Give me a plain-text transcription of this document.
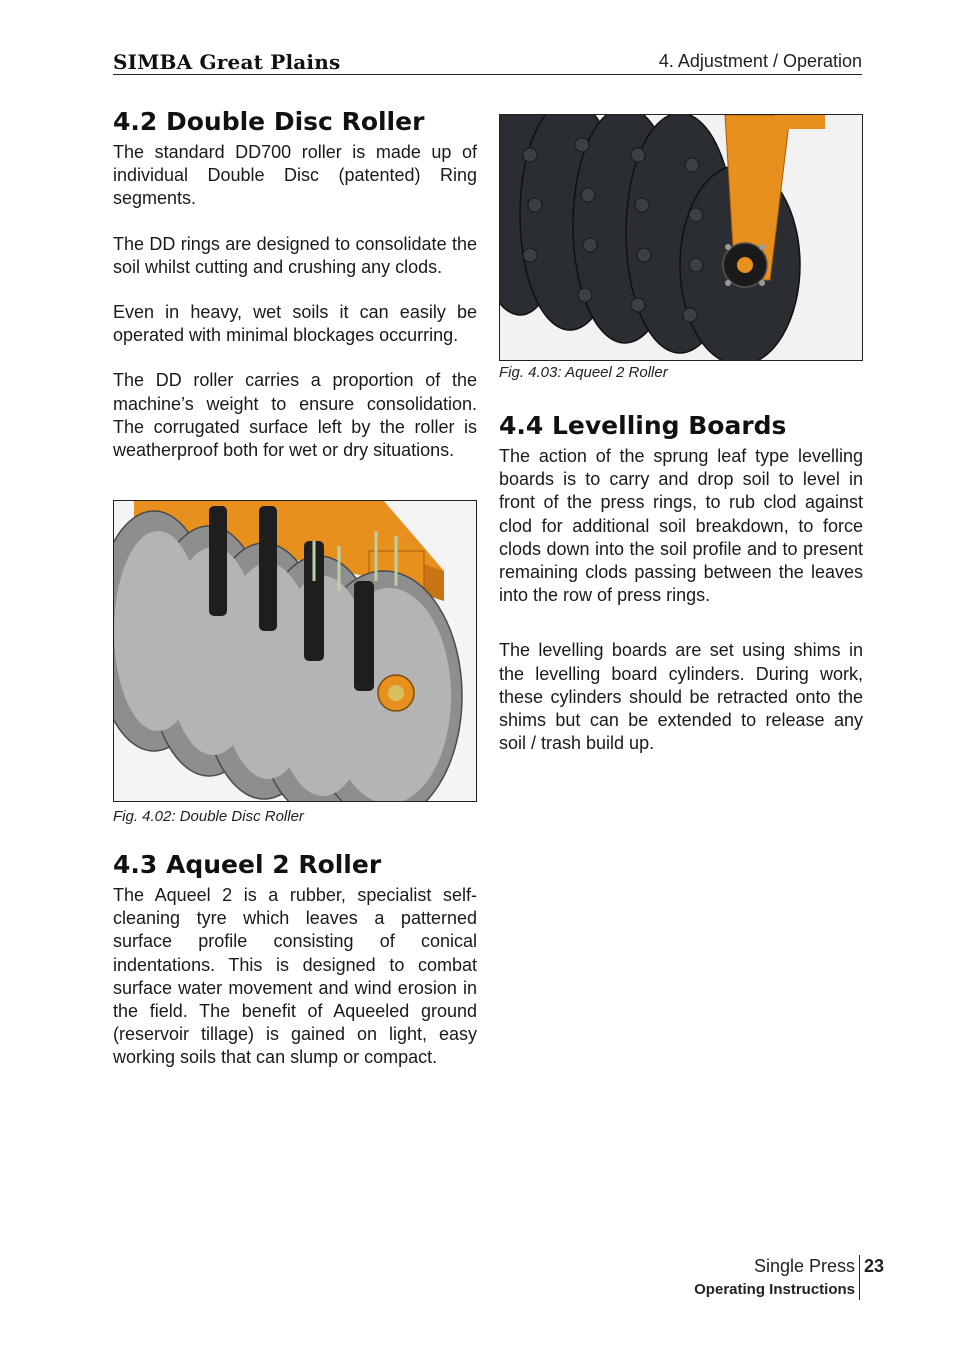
SIMBA Great Plains	4. Adjustment / Operation
4.2 Double Disc Roller

The standard DD700 roller is made up of individual Double Disc (patented) Ring segments.

The DD rings are designed to consolidate the soil whilst cutting and crushing any clods.

Even in heavy, wet soils it can easily be operated with minimal blockages occurring.

The DD roller carries a proportion of the machine’s weight to ensure consolidation. The corrugated surface left by the roller is weatherproof both for wet or dry situations.

Fig. 4.02: Double Disc Roller
4.3 Aqueel 2 Roller

The Aqueel 2 is a rubber, specialist self-cleaning tyre which leaves a patterned surface profile consisting of conical indentations. This is designed to combat surface water movement and wind erosion in the field. The benefit of Aqueeled ground (reservoir tillage) is gained on light, easy working soils that can slump or compact.

Fig. 4.03: Aqueel 2 Roller
4.4 Levelling Boards

The action of the sprung leaf type levelling boards is to carry and drop soil to level in front of the press rings, to rub clod against clod for additional soil breakdown, to force clods down into the soil profile and to present remaining clods passing between the leaves into the row of press rings.

The levelling boards are set using shims in the levelling board cylinders. During work, these cylinders should be retracted onto the shims but can be extended to release any soil / trash build up.

Single Press
Operating Instructions
23
